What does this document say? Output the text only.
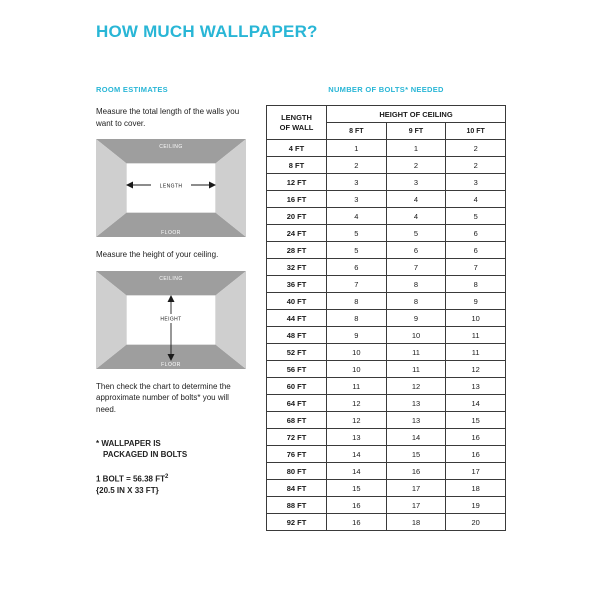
HOW MUCH WALLPAPER?
ROOM ESTIMATES

Measure the total length of the walls you want to cover.

CEILING
FLOOR
LENGTH

Measure the height of your ceiling.

CEILING
FLOOR
HEIGHT

Then check the chart to determine the approximate number of bolts* you will need.

* WALLPAPER IS
PACKAGED IN BOLTS
1 BOLT = 56.38 $FT^2$
{20.5 IN X 33 FT}
NUMBER OF BOLTS* NEEDED
LENGTH
OF WALL	HEIGHT OF CEILING		
	8 FT	9 FT	10 FT
4 FT	1	1	2
8 FT	2	2	2
12 FT	3	3	3
16 FT	3	4	4
20 FT	4	4	5
24 FT	5	5	6
28 FT	5	6	6
32 FT	6	7	7
36 FT	7	8	8
40 FT	8	8	9
44 FT	8	9	10
48 FT	9	10	11
52 FT	10	11	11
56 FT	10	11	12
60 FT	11	12	13
64 FT	12	13	14
68 FT	12	13	15
72 FT	13	14	16
76 FT	14	15	16
80 FT	14	16	17
84 FT	15	17	18
88 FT	16	17	19
92 FT	16	18	20
